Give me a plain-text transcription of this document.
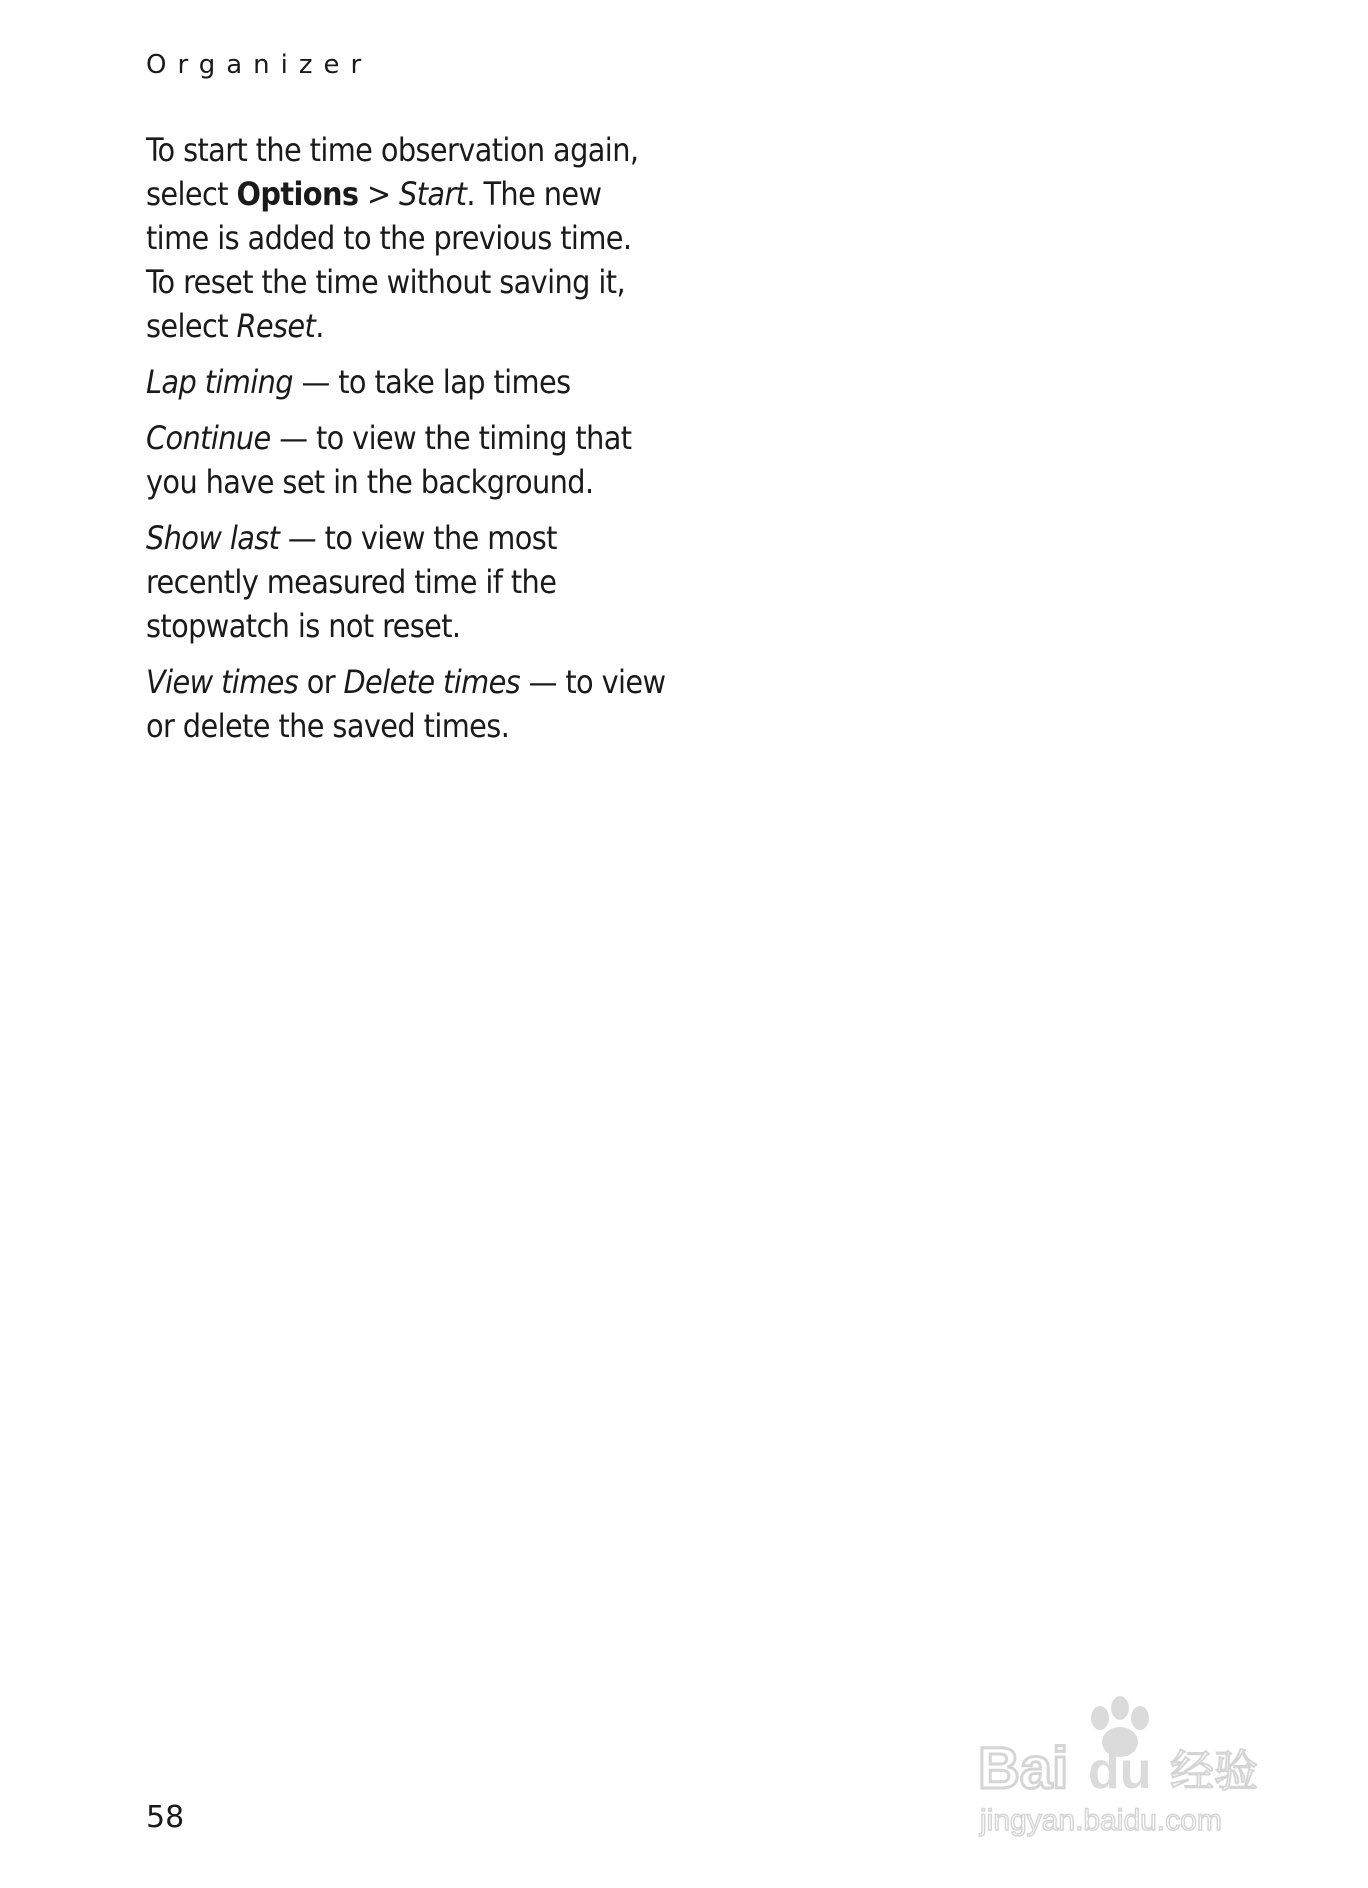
Organizer

To start the time observation again, select Options > Start. The new time is added to the previous time. To reset the time without saving it, select Reset.

Lap timing — to take lap times

Continue — to view the timing that you have set in the background.

Show last — to view the most recently measured time if the stopwatch is not reset.

View times or Delete times — to view or delete the saved times.

58
Bai du 经验
jingyan.baidu.com
